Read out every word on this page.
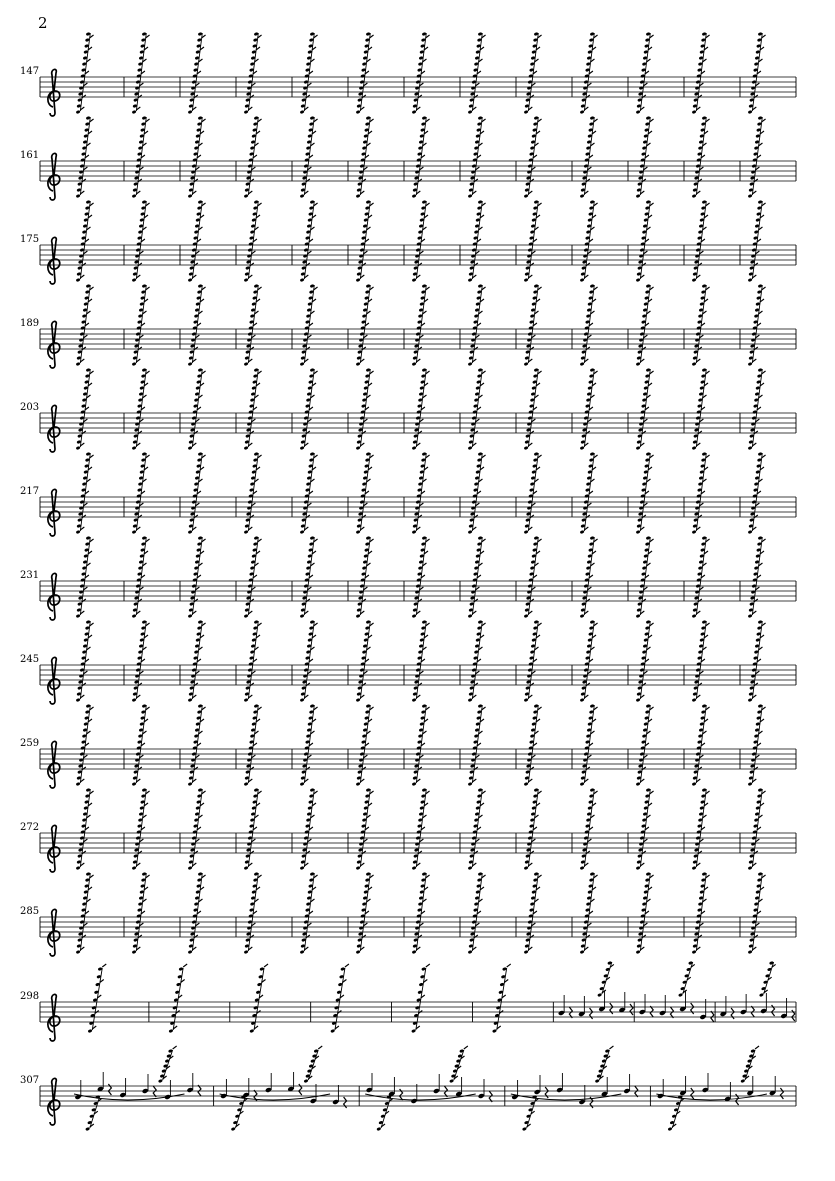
2
147
161
175
189
203
217
231
245
259
272
285
298
307
